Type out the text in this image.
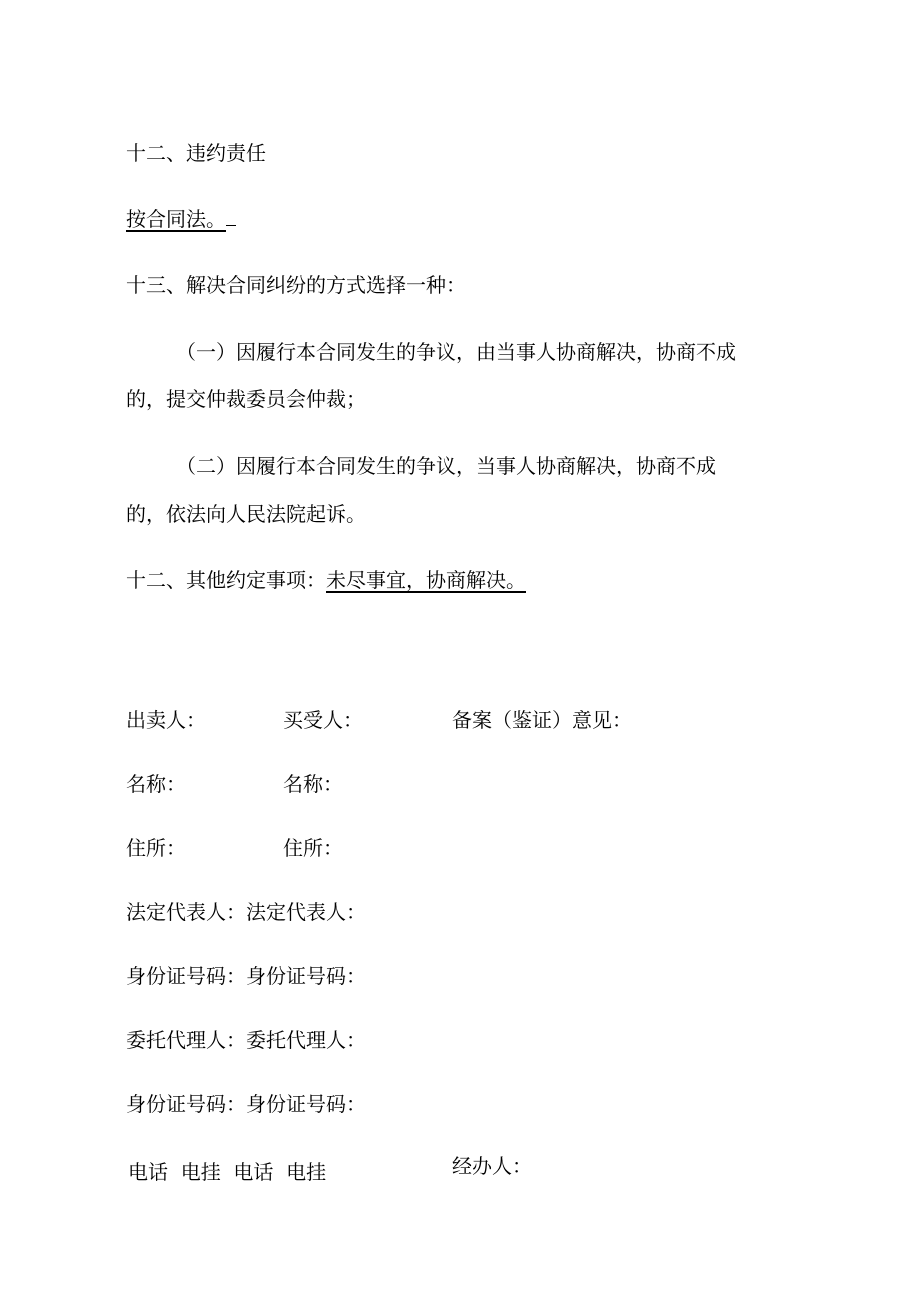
十二、违约责任
按合同法。
十三、解决合同纠纷的方式选择一种：
（一）因履行本合同发生的争议，由当事人协商解决，协商不成
的，提交仲裁委员会仲裁；
（二）因履行本合同发生的争议，当事人协商解决，协商不成
的，依法向人民法院起诉。
十二、其他约定事项：未尽事宜，协商解决。
出卖人：	买受人：	备案（鉴证）意见：
名称：	名称：
住所：	住所：
法定代表人：法定代表人：
身份证号码：身份证号码：
委托代理人：委托代理人：
身份证号码：身份证号码：
电话  电挂  电话  电挂	经办人：
